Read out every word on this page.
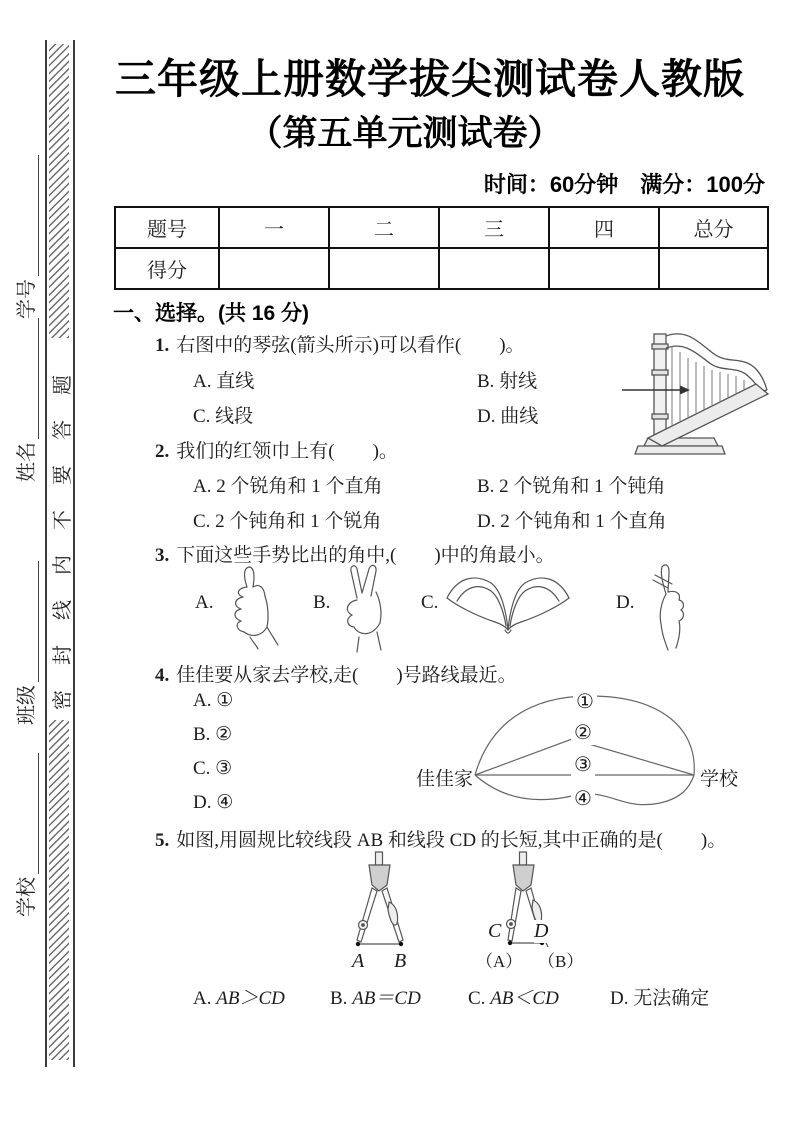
学号
姓名
班级
学校
密封线内不要答题
三年级上册数学拔尖测试卷人教版
（第五单元测试卷）
时间：60分钟　满分：100分
题号	一	二	三	四	总分
得分					
一、选择。(共 16 分)
1. 右图中的琴弦(箭头所示)可以看作(　　)。
A. 直线	B. 射线
C. 线段	D. 曲线
2. 我们的红领巾上有(　　)。
A. 2 个锐角和 1 个直角	B. 2 个锐角和 1 个钝角
C. 2 个钝角和 1 个锐角	D. 2 个钝角和 1 个直角
3. 下面这些手势比出的角中,(　　)中的角最小。
A.	B.	C.	D.
4. 佳佳要从家去学校,走(　　)号路线最近。
A. ①
B. ②
C. ③
D. ④
①
②
③
④
佳佳家	学校
5. 如图,用圆规比较线段 AB 和线段 CD 的长短,其中正确的是(　　)。
A B
C D
（A） （B）
A. AB＞CD B. AB＝CD C. AB＜CD	D. 无法确定
